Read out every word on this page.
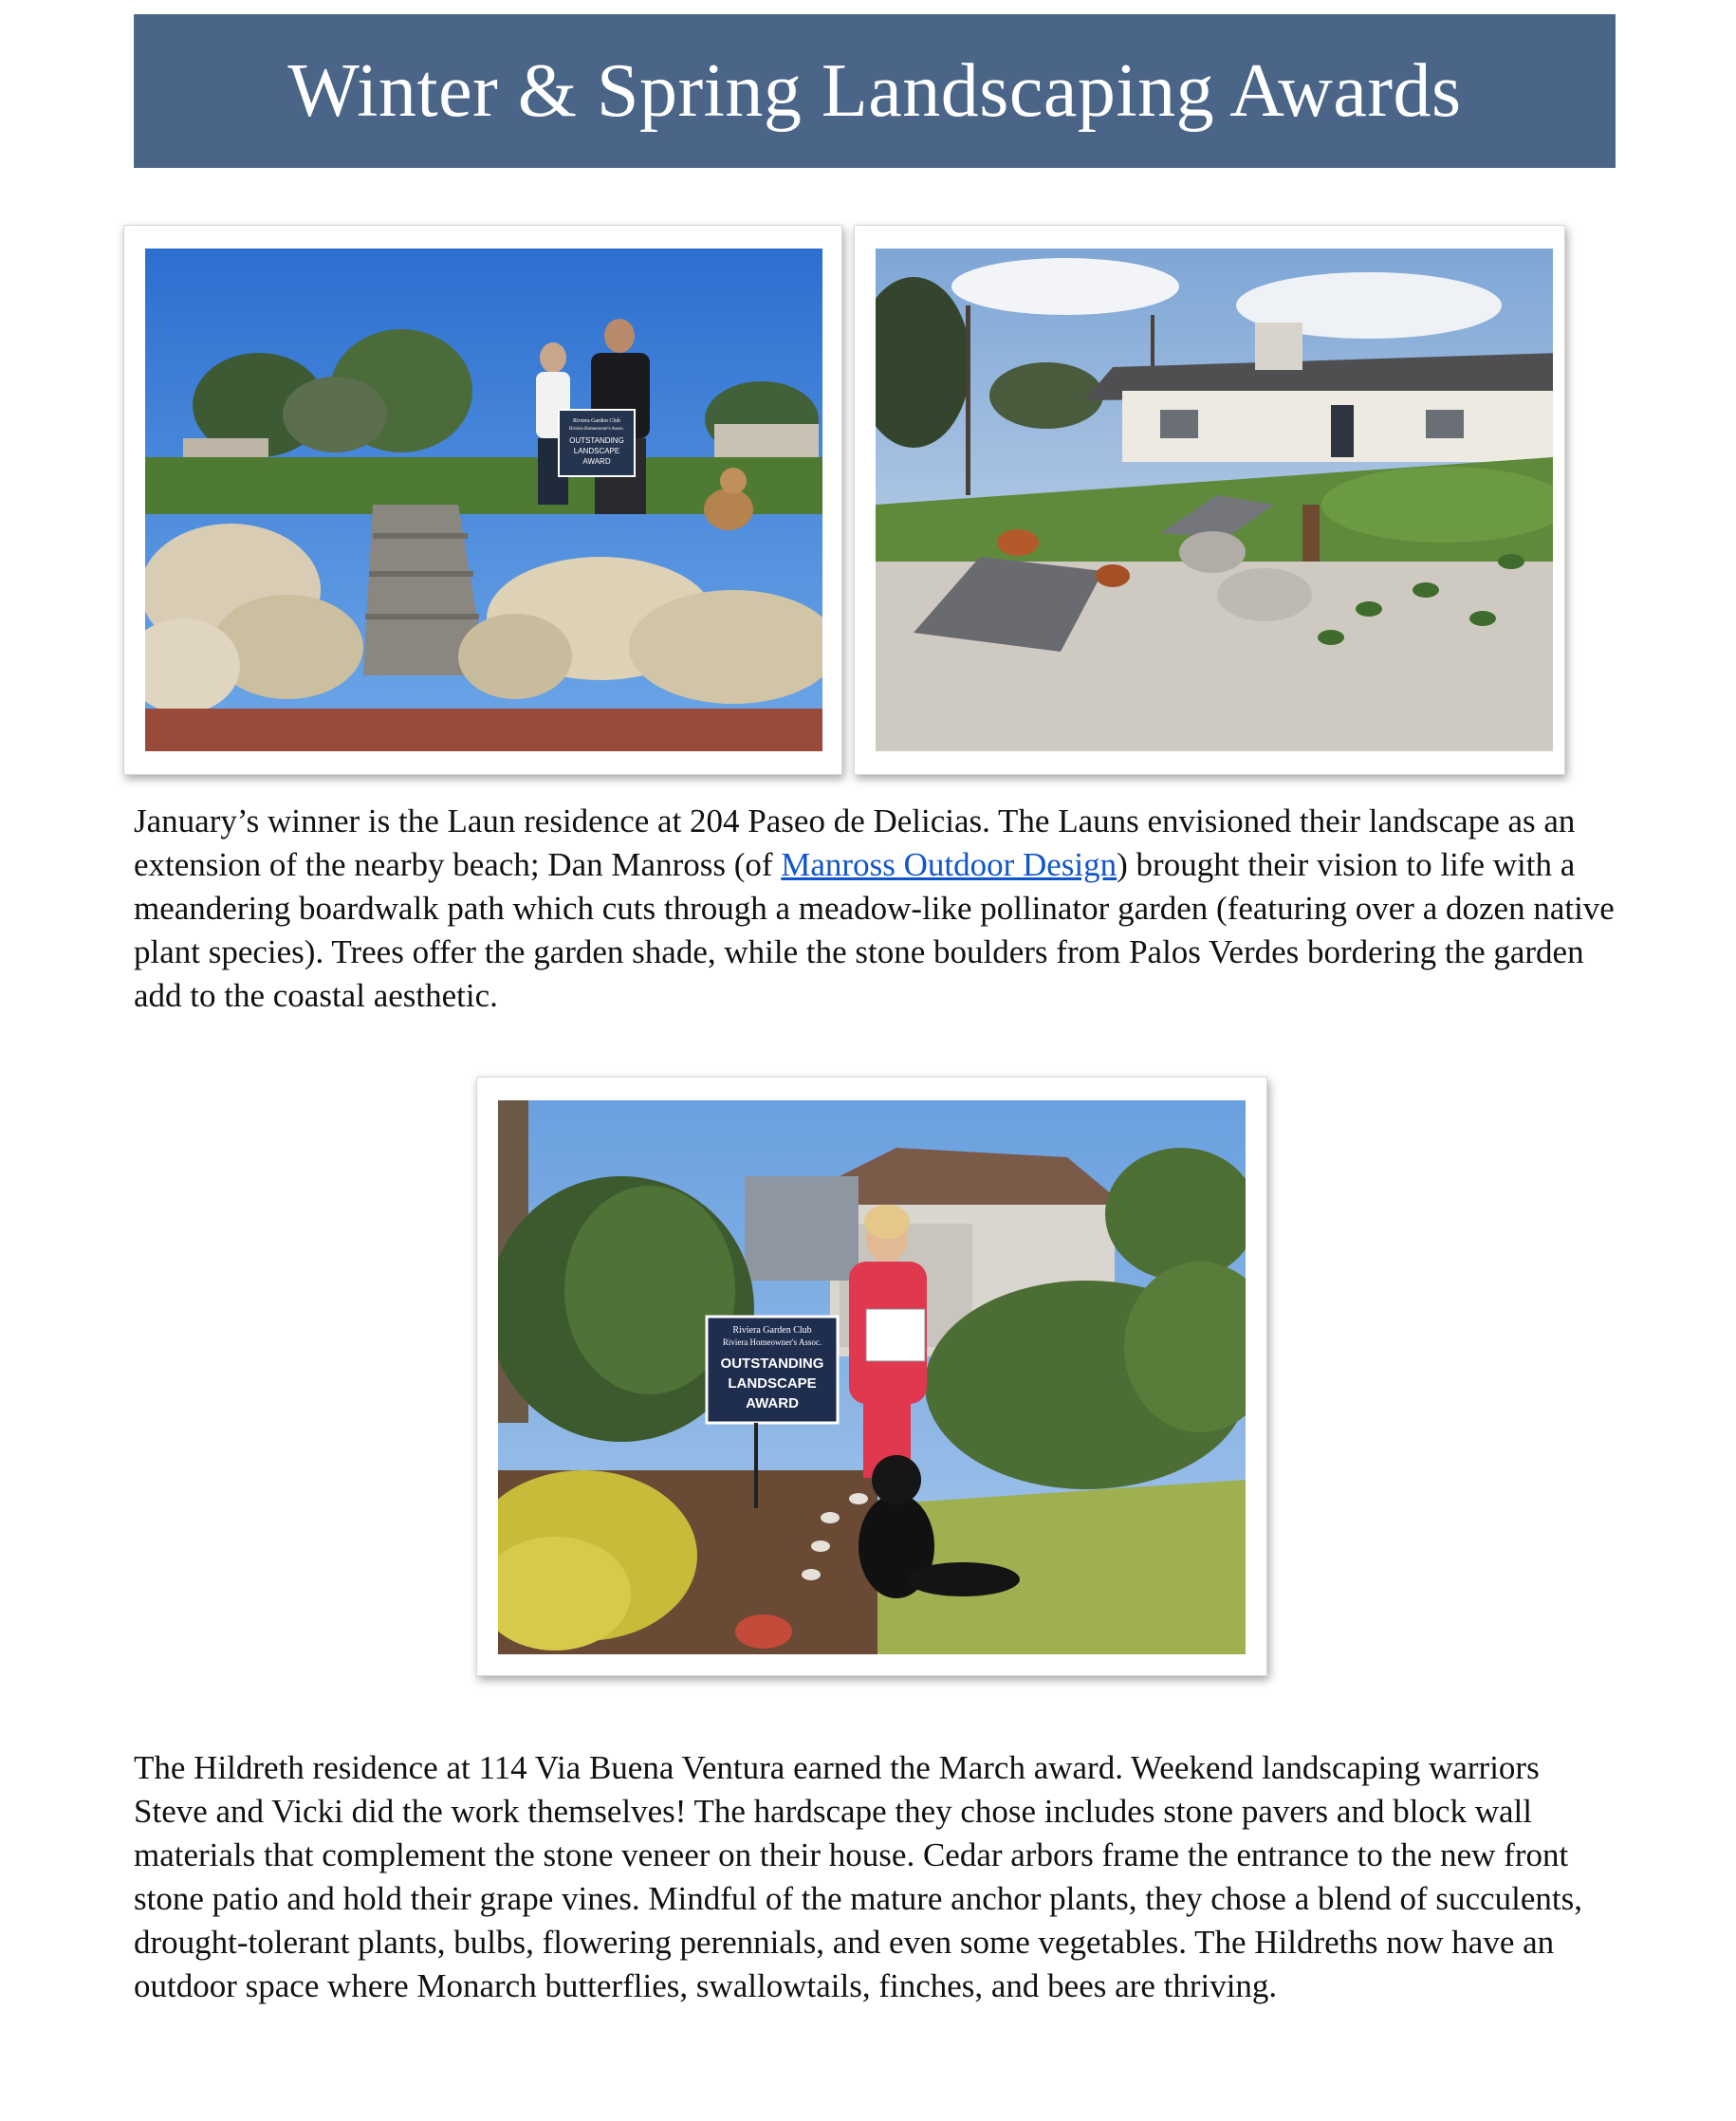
Winter & Spring Landscaping Awards
Riviera Garden Club
Riviera Homeowner's Assoc.
OUTSTANDING
LANDSCAPE
AWARD

January’s winner is the Laun residence at 204 Paseo de Delicias. The Launs envisioned their landscape as an extension of the nearby beach; Dan Manross (of Manross Outdoor Design) brought their vision to life with a meandering boardwalk path which cuts through a meadow-like pollinator garden (featuring over a dozen native plant species). Trees offer the garden shade, while the stone boulders from Palos Verdes bordering the garden add to the coastal aesthetic.

Riviera Garden Club
Riviera Homeowner's Assoc.
OUTSTANDING
LANDSCAPE
AWARD

The Hildreth residence at 114 Via Buena Ventura earned the March award. Weekend landscaping warriors Steve and Vicki did the work themselves! The hardscape they chose includes stone pavers and block wall materials that complement the stone veneer on their house. Cedar arbors frame the entrance to the new front stone patio and hold their grape vines. Mindful of the mature anchor plants, they chose a blend of succulents, drought-tolerant plants, bulbs, flowering perennials, and even some vegetables. The Hildreths now have an outdoor space where Monarch butterflies, swallowtails, finches, and bees are thriving.
